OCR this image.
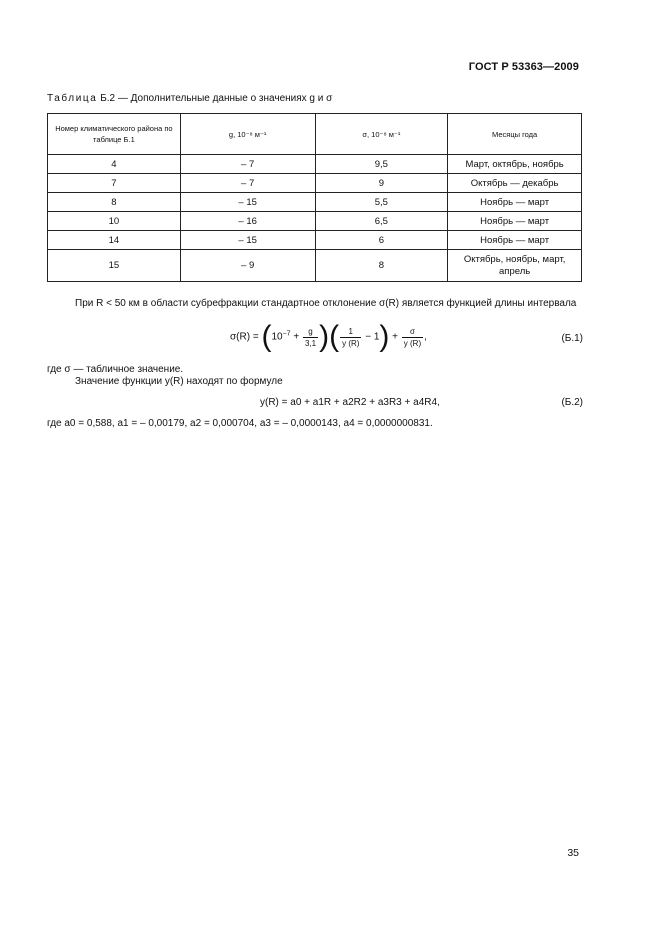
ГОСТ Р 53363—2009
Таблица Б.2 — Дополнительные данные о значениях g и σ
Номер климатического района по таблице Б.1	g, 10⁻⁸ м⁻¹	σ, 10⁻⁸ м⁻¹	Месяцы года
4	– 7	9,5	Март, октябрь, ноябрь
7	– 7	9	Октябрь — декабрь
8	– 15	5,5	Ноябрь — март
10	– 16	6,5	Ноябрь — март
14	– 15	6	Ноябрь — март
15	– 9	8	Октябрь, ноябрь, март, апрель
При R < 50 км в области субрефракции стандартное отклонение σ(R) является функцией длины интервала
$\sigma(R) = (10^{-7} + \frac{g}{3,1}$ )( $\frac{1}{y (R)} - 1) + \frac{\sigma}{y (R)}$ ,	(Б.1)
где σ — табличное значение.
Значение функции y(R) находят по формуле
y(R) = a0 + a1R + a2R2 + a3R3 + a4R4,	(Б.2)
где a0 = 0,588, a1 = – 0,00179, a2 = 0,000704, a3 = – 0,0000143, a4 = 0,0000000831.
35
